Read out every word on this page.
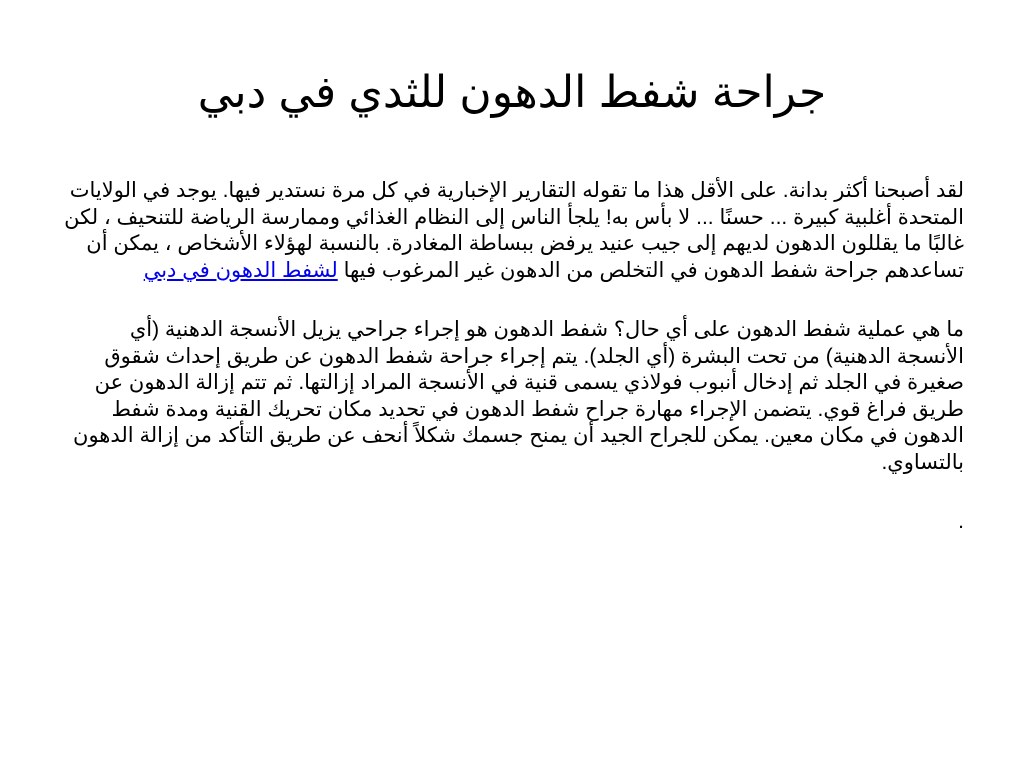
جراحة شفط الدهون للثدي في دبي

لقد أصبحنا أكثر بدانة. على الأقل هذا ما تقوله التقارير الإخبارية في كل مرة نستدير فيها. يوجد في الولايات المتحدة أغلبية كبيرة ... حسنًا ... لا بأس به! يلجأ الناس إلى النظام الغذائي وممارسة الرياضة للتنحيف ، لكن غالبًا ما يقللون الدهون لديهم إلى جيب عنيد يرفض ببساطة المغادرة. بالنسبة لهؤلاء الأشخاص ، يمكن أن تساعدهم جراحة شفط الدهون في التخلص من الدهون غير المرغوب فيها لشفط الدهون في دبي

ما هي عملية شفط الدهون على أي حال؟ شفط الدهون هو إجراء جراحي يزيل الأنسجة الدهنية (أي الأنسجة الدهنية) من تحت البشرة (أي الجلد). يتم إجراء جراحة شفط الدهون عن طريق إحداث شقوق صغيرة في الجلد ثم إدخال أنبوب فولاذي يسمى قنية في الأنسجة المراد إزالتها. ثم تتم إزالة الدهون عن طريق فراغ قوي. يتضمن الإجراء مهارة جراح شفط الدهون في تحديد مكان تحريك القنية ومدة شفط الدهون في مكان معين. يمكن للجراح الجيد أن يمنح جسمك شكلاً أنحف عن طريق التأكد من إزالة الدهون بالتساوي.

.
